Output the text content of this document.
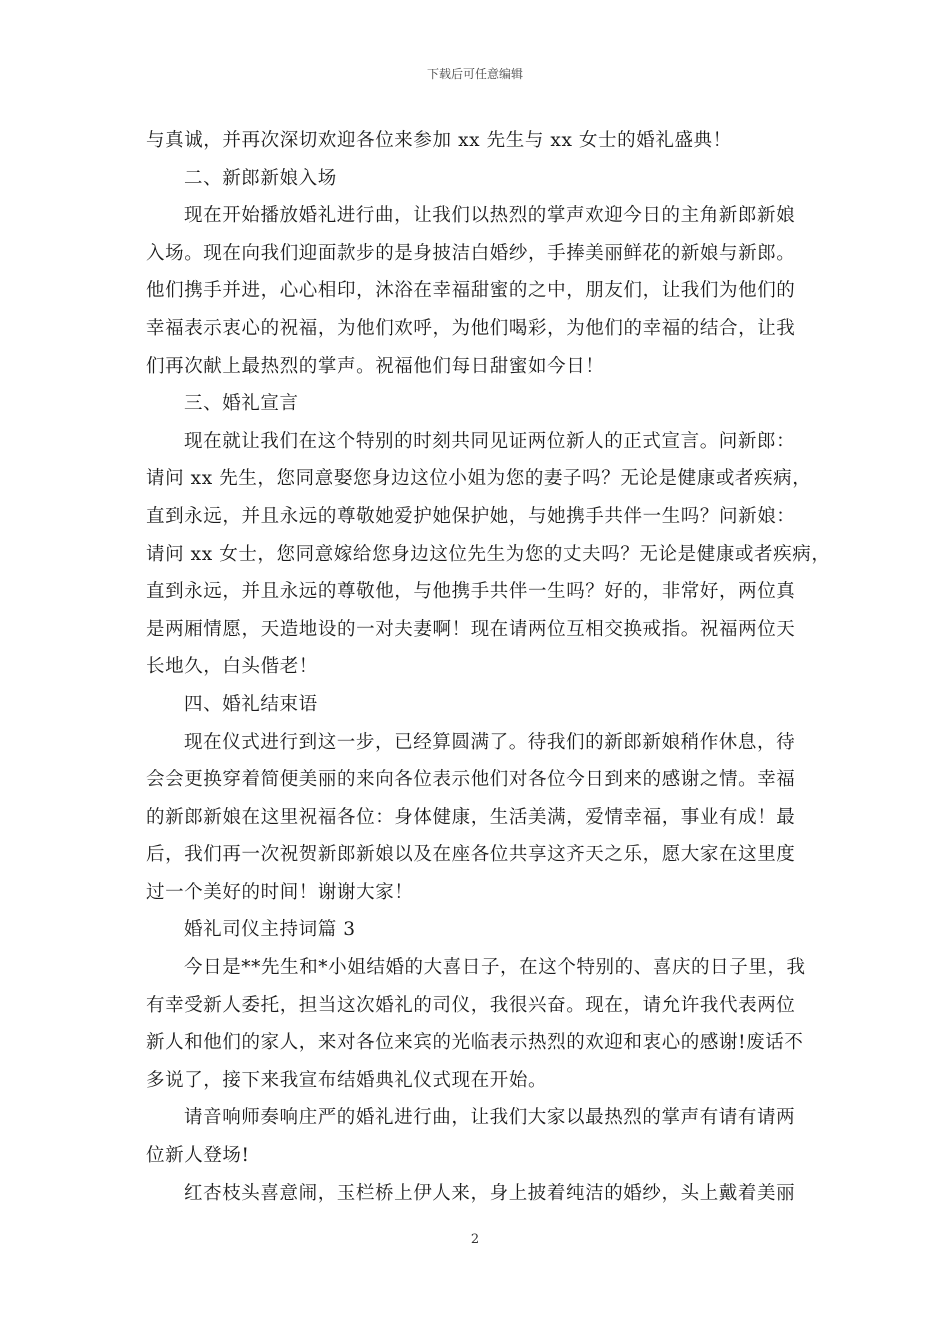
下载后可任意编辑
与真诚，并再次深切欢迎各位来参加 xx 先生与 xx 女士的婚礼盛典！
二、新郎新娘入场
现在开始播放婚礼进行曲，让我们以热烈的掌声欢迎今日的主角新郎新娘
入场。现在向我们迎面款步的是身披洁白婚纱，手捧美丽鲜花的新娘与新郎。
他们携手并进，心心相印，沐浴在幸福甜蜜的之中，朋友们，让我们为他们的
幸福表示衷心的祝福，为他们欢呼，为他们喝彩，为他们的幸福的结合，让我
们再次献上最热烈的掌声。祝福他们每日甜蜜如今日！
三、婚礼宣言
现在就让我们在这个特别的时刻共同见证两位新人的正式宣言。问新郎：
请问 xx 先生，您同意娶您身边这位小姐为您的妻子吗？无论是健康或者疾病，
直到永远，并且永远的尊敬她爱护她保护她，与她携手共伴一生吗？问新娘：
请问 xx 女士，您同意嫁给您身边这位先生为您的丈夫吗？无论是健康或者疾病，
直到永远，并且永远的尊敬他，与他携手共伴一生吗？好的，非常好，两位真
是两厢情愿，天造地设的一对夫妻啊！现在请两位互相交换戒指。祝福两位天
长地久，白头偕老！
四、婚礼结束语
现在仪式进行到这一步，已经算圆满了。待我们的新郎新娘稍作休息，待
会会更换穿着简便美丽的来向各位表示他们对各位今日到来的感谢之情。幸福
的新郎新娘在这里祝福各位：身体健康，生活美满，爱情幸福，事业有成！最
后，我们再一次祝贺新郎新娘以及在座各位共享这齐天之乐，愿大家在这里度
过一个美好的时间！谢谢大家！
婚礼司仪主持词篇 3
今日是**先生和*小姐结婚的大喜日子，在这个特别的、喜庆的日子里，我
有幸受新人委托，担当这次婚礼的司仪，我很兴奋。现在，请允许我代表两位
新人和他们的家人，来对各位来宾的光临表示热烈的欢迎和衷心的感谢!废话不
多说了，接下来我宣布结婚典礼仪式现在开始。
请音响师奏响庄严的婚礼进行曲，让我们大家以最热烈的掌声有请有请两
位新人登场!
红杏枝头喜意闹，玉栏桥上伊人来，身上披着纯洁的婚纱，头上戴着美丽
2
